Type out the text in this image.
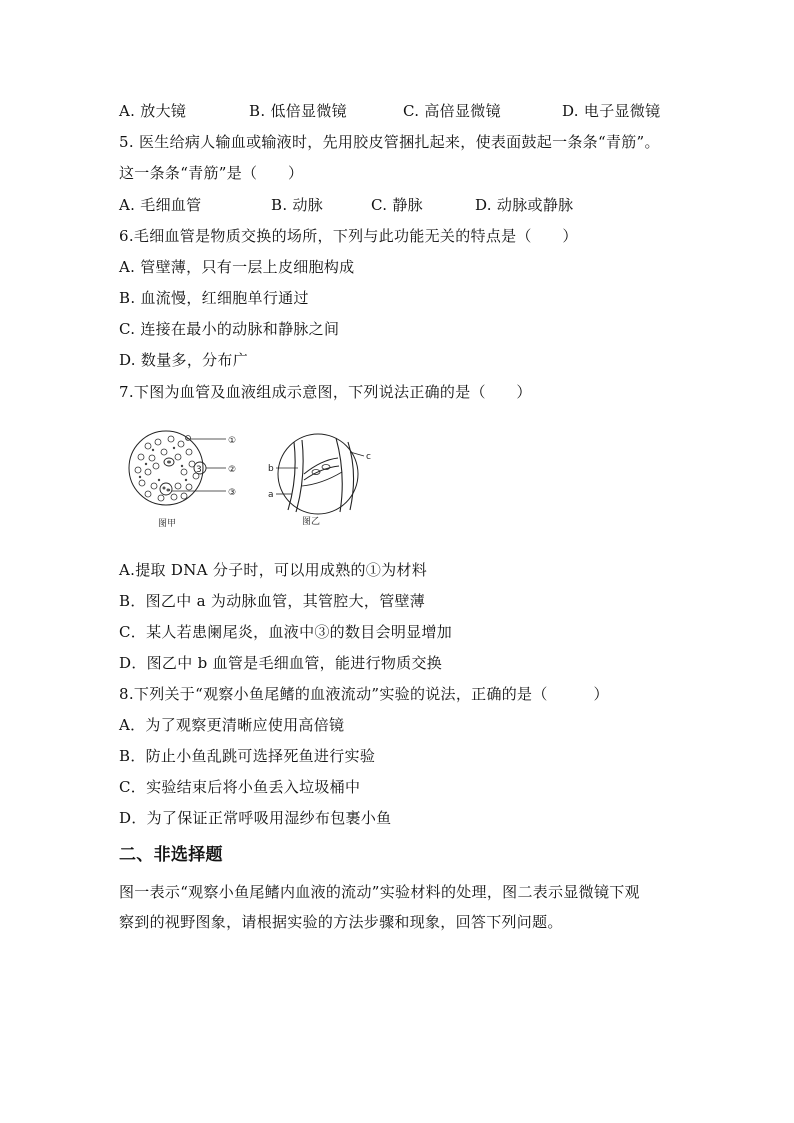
A. 放大镜	B. 低倍显微镜	C. 高倍显微镜	D. 电子显微镜
5. 医生给病人输血或输液时，先用胶皮管捆扎起来，使表面鼓起一条条“青筋”。
这一条条“青筋”是（　　）
A. 毛细血管	B. 动脉	C. 静脉	D. 动脉或静脉
6.毛细血管是物质交换的场所，下列与此功能无关的特点是（　　）
A. 管壁薄，只有一层上皮细胞构成
B. 血流慢，红细胞单行通过
C. 连接在最小的动脉和静脉之间
D. 数量多，分布广
7.下图为血管及血液组成示意图，下列说法正确的是（　　）
3
①
②
③
图甲
b
a
c
图乙
A.提取 DNA 分子时，可以用成熟的①为材料
B．图乙中 a 为动脉血管，其管腔大，管壁薄
C．某人若患阑尾炎，血液中③的数目会明显增加
D．图乙中 b 血管是毛细血管，能进行物质交换
8.下列关于“观察小鱼尾鳍的血液流动”实验的说法，正确的是（　　　）
A．为了观察更清晰应使用高倍镜
B．防止小鱼乱跳可选择死鱼进行实验
C．实验结束后将小鱼丢入垃圾桶中
D．为了保证正常呼吸用湿纱布包裹小鱼
二、非选择题
图一表示“观察小鱼尾鳍内血液的流动”实验材料的处理，图二表示显微镜下观
察到的视野图象，请根据实验的方法步骤和现象，回答下列问题。
